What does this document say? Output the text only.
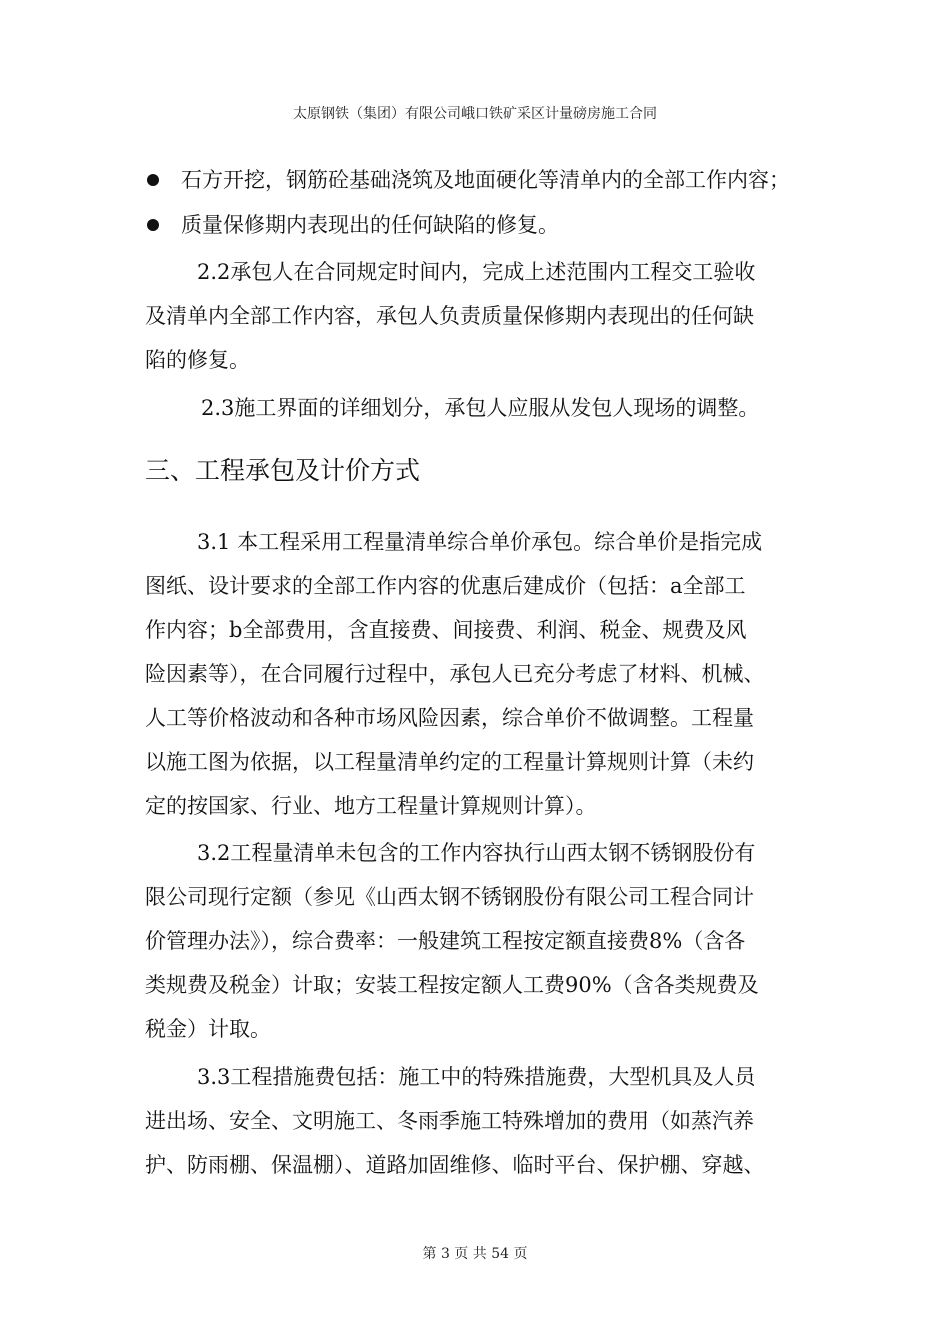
太原钢铁（集团）有限公司峨口铁矿采区计量磅房施工合同
石方开挖，钢筋砼基础浇筑及地面硬化等清单内的全部工作内容；
质量保修期内表现出的任何缺陷的修复。
2.2承包人在合同规定时间内，完成上述范围内工程交工验收
及清单内全部工作内容，承包人负责质量保修期内表现出的任何缺
陷的修复。
2.3施工界面的详细划分，承包人应服从发包人现场的调整。
三、工程承包及计价方式
3.1 本工程采用工程量清单综合单价承包。综合单价是指完成
图纸、设计要求的全部工作内容的优惠后建成价（包括：a全部工
作内容；b全部费用，含直接费、间接费、利润、税金、规费及风
险因素等），在合同履行过程中，承包人已充分考虑了材料、机械、
人工等价格波动和各种市场风险因素，综合单价不做调整。工程量
以施工图为依据，以工程量清单约定的工程量计算规则计算（未约
定的按国家、行业、地方工程量计算规则计算）。
3.2工程量清单未包含的工作内容执行山西太钢不锈钢股份有
限公司现行定额（参见《山西太钢不锈钢股份有限公司工程合同计
价管理办法》），综合费率：一般建筑工程按定额直接费8%（含各
类规费及税金）计取；安装工程按定额人工费90%（含各类规费及
税金）计取。
3.3工程措施费包括：施工中的特殊措施费，大型机具及人员
进出场、安全、文明施工、冬雨季施工特殊增加的费用（如蒸汽养
护、防雨棚、保温棚）、道路加固维修、临时平台、保护棚、穿越、
第 3 页 共 54 页
